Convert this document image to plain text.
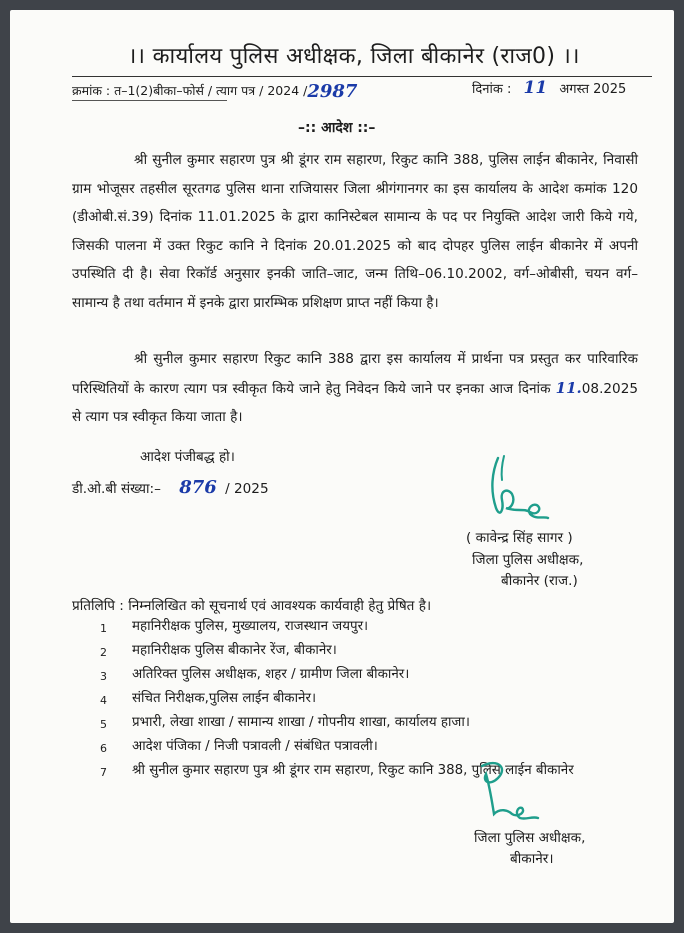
।। कार्यालय पुलिस अधीक्षक, जिला बीकानेर (राज0) ।।
क्रमांक : त–1(2)बीका–फोर्स / त्याग पत्र / 2024 /2987	दिनांक : 11 अगस्त 2025
–:: आदेश ::–

श्री सुनील कुमार सहारण पुत्र श्री डूंगर राम सहारण, रिकुट कानि 388, पुलिस लाईन बीकानेर, निवासी ग्राम भोजूसर तहसील सूरतगढ पुलिस थाना राजियासर जिला श्रीगंगानगर का इस कार्यालय के आदेश कमांक 120 (डीओबी.सं.39) दिनांक 11.01.2025 के द्वारा कानिस्टेबल सामान्य के पद पर नियुक्ति आदेश जारी किये गये, जिसकी पालना में उक्त रिकुट कानि ने दिनांक 20.01.2025 को बाद दोपहर पुलिस लाईन बीकानेर में अपनी उपस्थिति दी है। सेवा रिकॉर्ड अनुसार इनकी जाति–जाट, जन्म तिथि–06.10.2002, वर्ग–ओबीसी, चयन वर्ग–सामान्य है तथा वर्तमान में इनके द्वारा प्रारम्भिक प्रशिक्षण प्राप्त नहीं किया है।

श्री सुनील कुमार सहारण रिकुट कानि 388 द्वारा इस कार्यालय में प्रार्थना पत्र प्रस्तुत कर पारिवारिक परिस्थितियों के कारण त्याग पत्र स्वीकृत किये जाने हेतु निवेदन किये जाने पर इनका आज दिनांक 11.08.2025 से त्याग पत्र स्वीकृत किया जाता है।

आदेश पंजीबद्ध हो।
डी.ओ.बी संख्या:– 876 / 2025
( कावेन्द्र सिंह सागर )
जिला पुलिस अधीक्षक,
बीकानेर (राज.)
प्रतिलिपि : निम्नलिखित को सूचनार्थ एवं आवश्यक कार्यवाही हेतु प्रेषित है।
1	महानिरीक्षक पुलिस, मुख्यालय, राजस्थान जयपुर।
2	महानिरीक्षक पुलिस बीकानेर रेंज, बीकानेर।
3	अतिरिक्त पुलिस अधीक्षक, शहर / ग्रामीण जिला बीकानेर।
4	संचित निरीक्षक,पुलिस लाईन बीकानेर।
5	प्रभारी, लेखा शाखा / सामान्य शाखा / गोपनीय शाखा, कार्यालय हाजा।
6	आदेश पंजिका / निजी पत्रावली / संबंधित पत्रावली।
7	श्री सुनील कुमार सहारण पुत्र श्री डूंगर राम सहारण, रिकुट कानि 388, पुलिस लाईन बीकानेर
जिला पुलिस अधीक्षक,
बीकानेर।
